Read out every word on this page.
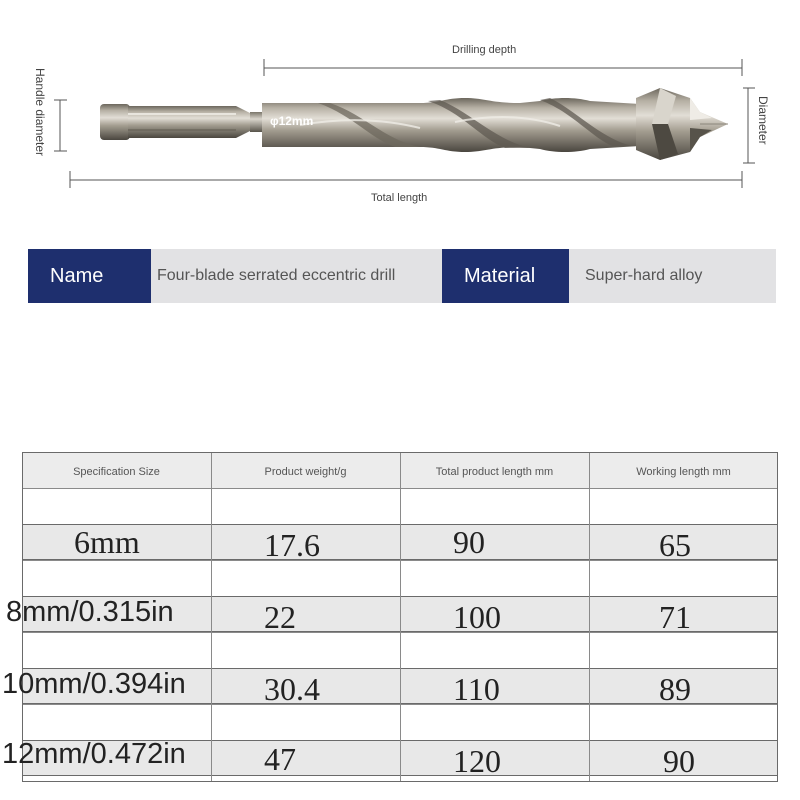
Drilling depth
Total length
Handle diameter	Diameter
φ12mm
Name	Four-blade serrated eccentric drill	Material	Super-hard alloy
Specification Size	Product weight/g	Total product length mm	Working length mm
6mm	17.6	90	65
8mm/0.315in	22	100	71
10mm/0.394in 30.4	110	89
12mm/0.472in 47	120	90
